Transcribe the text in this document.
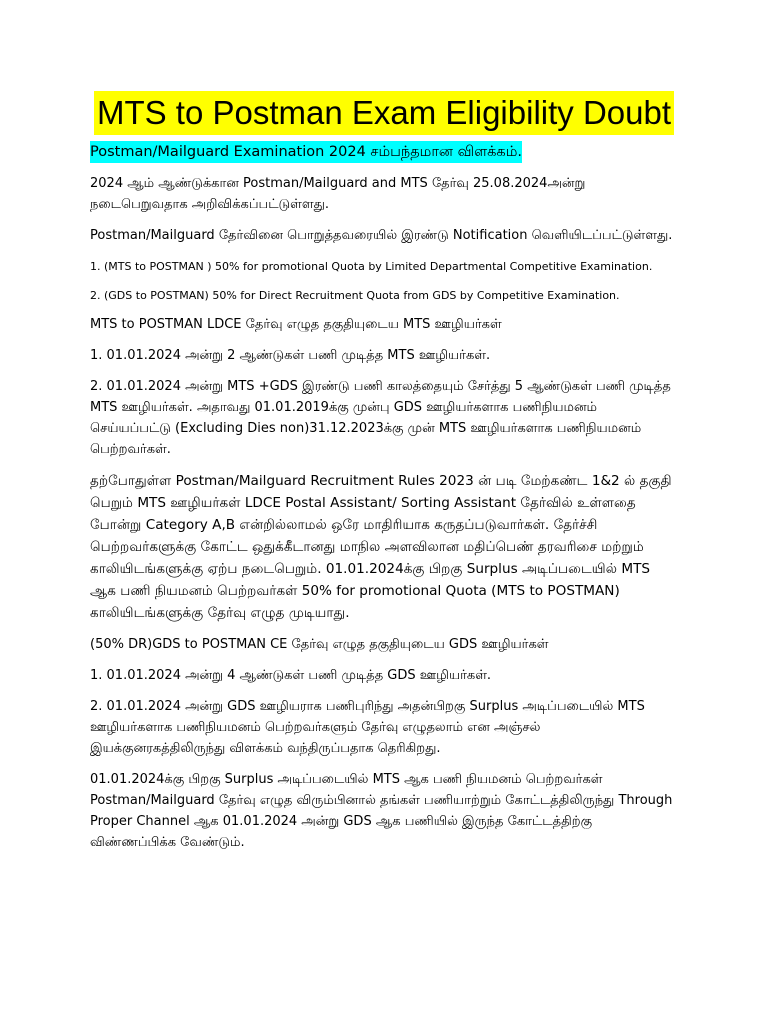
MTS to Postman Exam Eligibility Doubt
Postman/Mailguard Examination 2024 சம்பந்தமான விளக்கம்.

2024 ஆம் ஆண்டுக்கான Postman/Mailguard and MTS தேர்வு 25.08.2024அன்று நடைபெறுவதாக அறிவிக்கப்பட்டுள்ளது.

Postman/Mailguard தேர்வினை பொறுத்தவரையில் இரண்டு Notification வெளியிடப்பட்டுள்ளது.

1. (MTS to POSTMAN ) 50% for promotional Quota by Limited Departmental Competitive Examination.

2. (GDS to POSTMAN) 50% for Direct Recruitment Quota from GDS by Competitive Examination.

MTS to POSTMAN LDCE தேர்வு எழுத தகுதியுடைய MTS ஊழியர்கள்

1. 01.01.2024 அன்று 2 ஆண்டுகள் பணி முடித்த MTS ஊழியர்கள்.

2. 01.01.2024 அன்று MTS +GDS இரண்டு பணி காலத்தையும் சேர்த்து 5 ஆண்டுகள் பணி முடித்த MTS ஊழியர்கள். அதாவது 01.01.2019க்கு முன்பு GDS ஊழியர்களாக பணிநியமனம் செய்யப்பட்டு (Excluding Dies non)31.12.2023க்கு முன் MTS ஊழியர்களாக பணிநியமனம் பெற்றவர்கள்.

தற்போதுள்ள Postman/Mailguard Recruitment Rules 2023 ன் படி மேற்கண்ட 1&2 ல் தகுதி பெறும் MTS ஊழியர்கள் LDCE Postal Assistant/ Sorting Assistant தேர்வில் உள்ளதை போன்று Category A,B என்றில்லாமல் ஒரே மாதிரியாக கருதப்படுவார்கள். தேர்ச்சி பெற்றவர்களுக்கு கோட்ட ஒதுக்கீடானது மாநில அளவிலான மதிப்பெண் தரவரிசை மற்றும் காலியிடங்களுக்கு ஏற்ப நடைபெறும். 01.01.2024க்கு பிறகு Surplus அடிப்படையில் MTS ஆக பணி நியமனம் பெற்றவர்கள் 50% for promotional Quota (MTS to POSTMAN) காலியிடங்களுக்கு தேர்வு எழுத முடியாது.

(50% DR)GDS to POSTMAN CE தேர்வு எழுத தகுதியுடைய GDS ஊழியர்கள்

1. 01.01.2024 அன்று 4 ஆண்டுகள் பணி முடித்த GDS ஊழியர்கள்.

2. 01.01.2024 அன்று GDS ஊழியராக பணிபுரிந்து அதன்பிறகு Surplus அடிப்படையில் MTS ஊழியர்களாக பணிநியமனம் பெற்றவர்களும் தேர்வு எழுதலாம் என அஞ்சல் இயக்குனரகத்திலிருந்து விளக்கம் வந்திருப்பதாக தெரிகிறது.

01.01.2024க்கு பிறகு Surplus அடிப்படையில் MTS ஆக பணி நியமனம் பெற்றவர்கள் Postman/Mailguard தேர்வு எழுத விரும்பினால் தங்கள் பணியாற்றும் கோட்டத்திலிருந்து Through Proper Channel ஆக 01.01.2024 அன்று GDS ஆக பணியில் இருந்த கோட்டத்திற்கு விண்ணப்பிக்க வேண்டும்.
